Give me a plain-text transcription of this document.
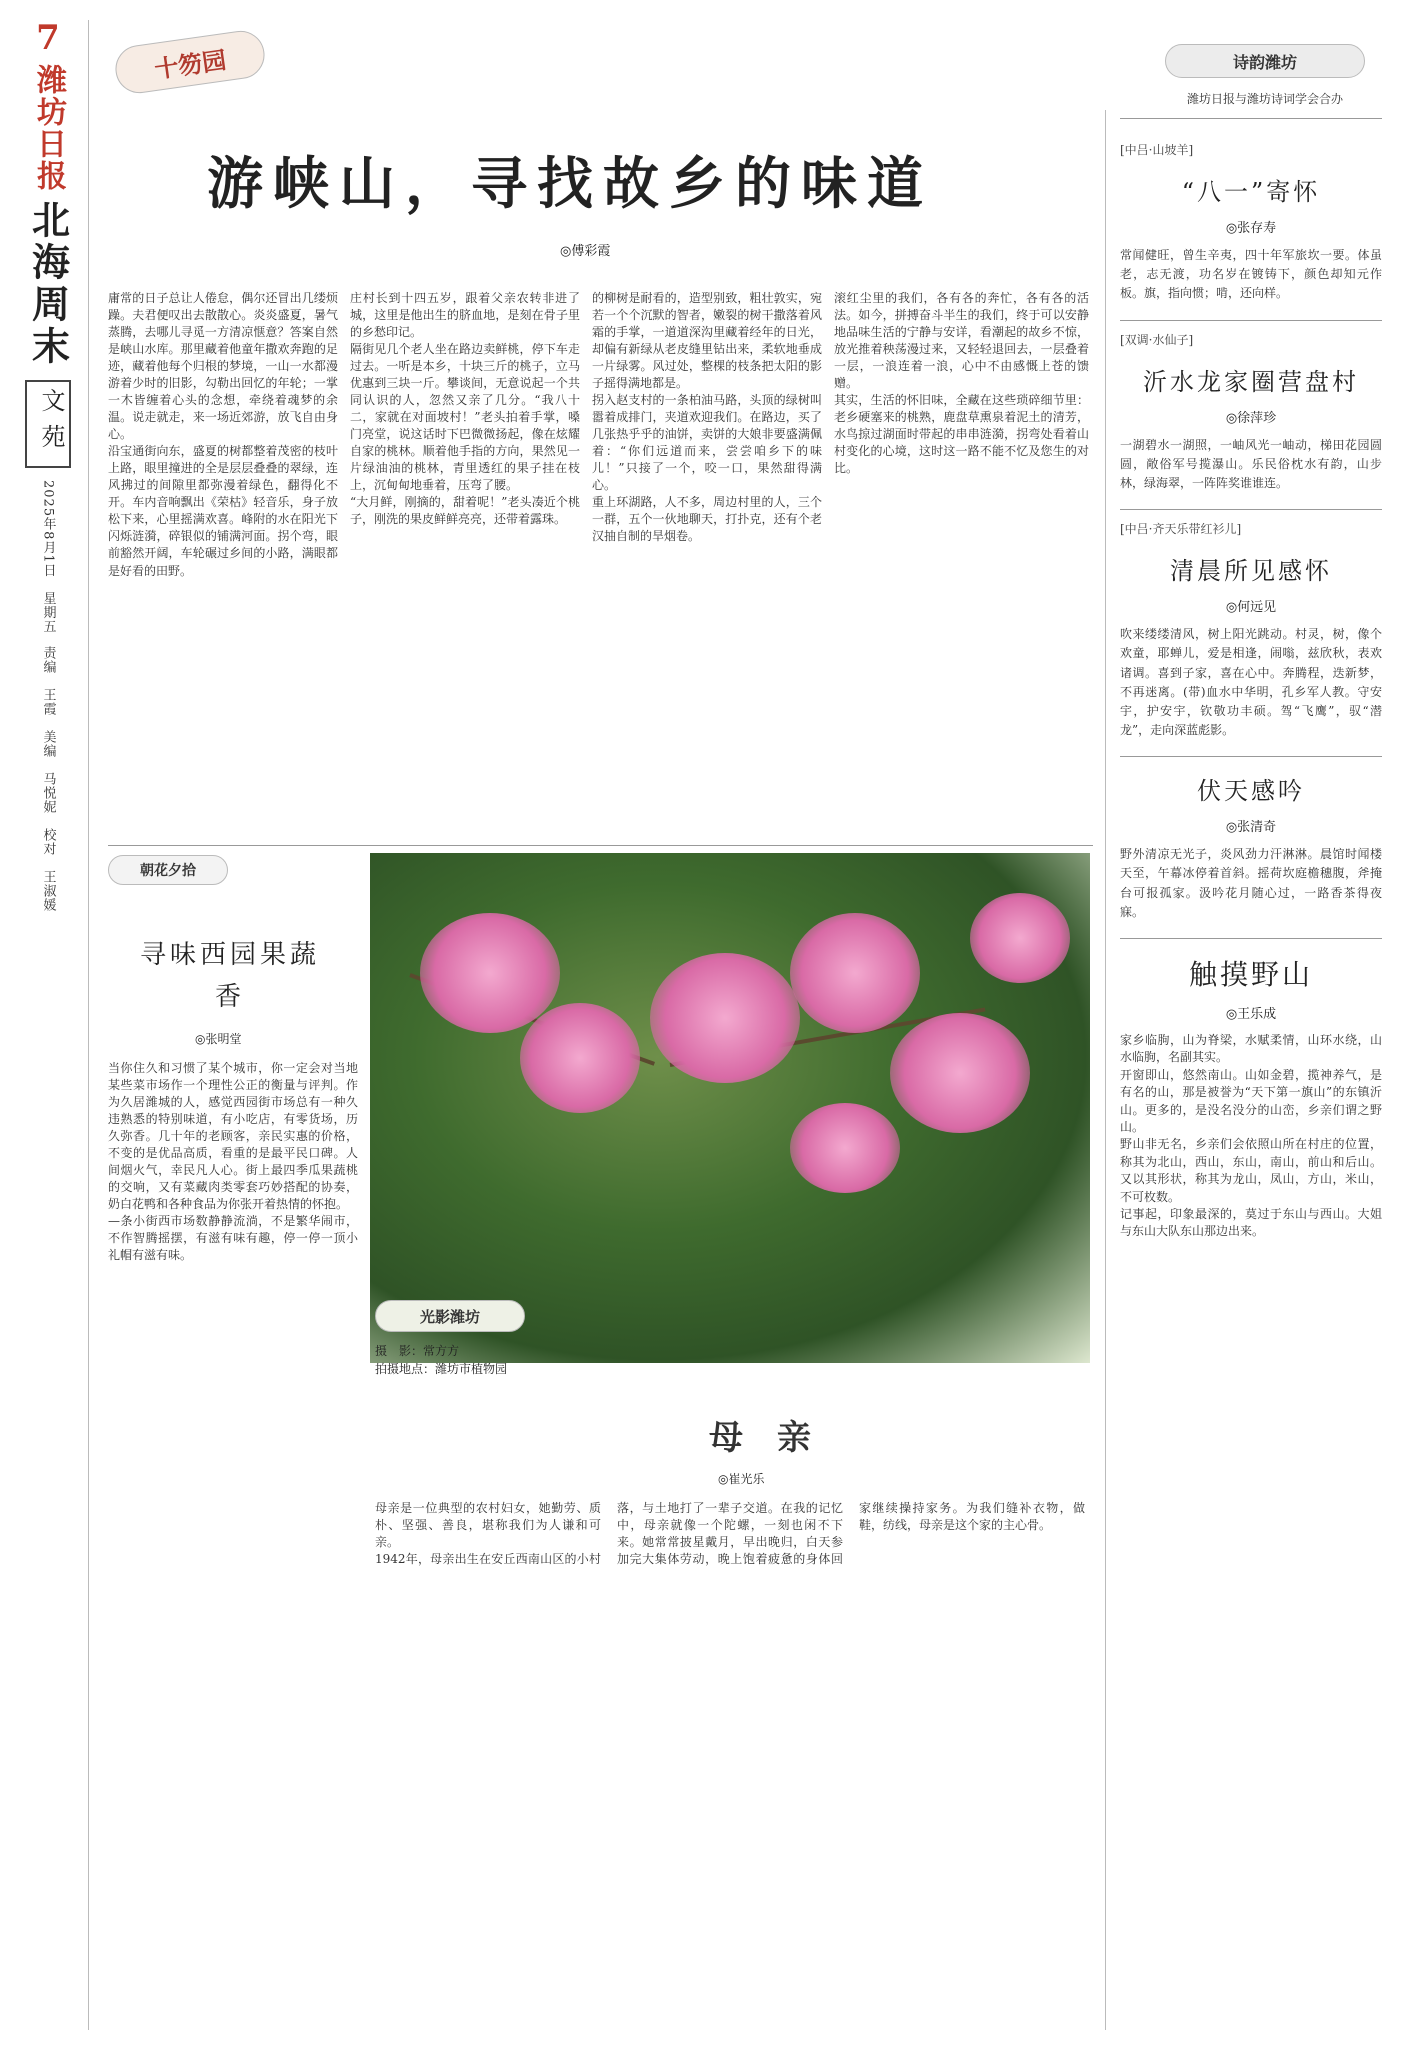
7
潍坊日报
北海周末
文苑
2025年8月1日　星期五
责编　王霞　美编　马悦妮　校对　王淑媛
十笏园	诗韵潍坊
潍坊日报与潍坊诗词学会合办
游峡山，寻找故乡的味道
◎傅彩霞
庸常的日子总让人倦怠，偶尔还冒出几缕烦躁。夫君便叹出去散散心。炎炎盛夏，暑气蒸腾，去哪儿寻觅一方清凉惬意？答案自然是峡山水库。那里藏着他童年撒欢奔跑的足迹，藏着他每个归根的梦境，一山一水都漫游着少时的旧影，勾勒出回忆的年轮；一掌一木皆缠着心头的念想，牵绕着魂梦的余温。说走就走，来一场近郊游，放飞自由身心。
沿宝通街向东，盛夏的树都整着茂密的枝叶上路，眼里撞进的全是层层叠叠的翠绿，连风拂过的间隙里都弥漫着绿色，翻得化不开。车内音响飘出《荣枯》轻音乐，身子放松下来，心里摇满欢喜。峰附的水在阳光下闪烁涟漪，碎银似的铺满河面。拐个弯，眼前豁然开阔，车轮碾过乡间的小路，满眼都是好看的田野。
庄村长到十四五岁，跟着父亲农转非进了城，这里是他出生的脐血地，是刻在骨子里的乡愁印记。
隔街见几个老人坐在路边卖鲜桃，停下车走过去。一听是本乡，十块三斤的桃子，立马优惠到三块一斤。攀谈间，无意说起一个共同认识的人，忽然又亲了几分。“我八十二，家就在对面坡村！”老头拍着手掌，嗓门亮堂，说这话时下巴微微扬起，像在炫耀自家的桃林。顺着他手指的方向，果然见一片绿油油的桃林，青里透红的果子挂在枝上，沉甸甸地垂着，压弯了腰。
“大月鲜，刚摘的，甜着呢！”老头凑近个桃子，刚洗的果皮鲜鲜亮亮，还带着露珠。
的柳树是耐看的，造型别致，粗壮敦实，宛若一个个沉默的智者，嫩裂的树干撒落着风霜的手掌，一道道深沟里藏着经年的日光，却偏有新绿从老皮缝里钻出来，柔软地垂成一片绿雾。风过处，整棵的枝条把太阳的影子摇得满地都是。
拐入赵支村的一条柏油马路，头顶的绿树叫嚣着成排门，夹道欢迎我们。在路边，买了几张热乎乎的油饼，卖饼的大娘非要盛满佩着：“你们远道而来，尝尝咱乡下的味儿！”只接了一个，咬一口，果然甜得满心。
重上环湖路，人不多，周边村里的人，三个一群，五个一伙地聊天，打扑克，还有个老汉抽自制的旱烟卷。
滚红尘里的我们，各有各的奔忙，各有各的活法。如今，拼搏奋斗半生的我们，终于可以安静地品味生活的宁静与安详，看潮起的故乡不惊，放光推着秧荡漫过来，又轻轻退回去，一层叠着一层，一浪连着一浪，心中不由感慨上苍的馈赠。
其实，生活的怀旧味，全藏在这些琐碎细节里：老乡硬塞来的桃熟，鹿盘草熏泉着泥土的清芳，水鸟掠过湖面时带起的串串涟漪，拐弯处看着山村变化的心境，这时这一路不能不忆及您生的对比。
光影潍坊
摄　影：常方方
拍摄地点：潍坊市植物园
朝花夕拾
寻味西园果蔬香
◎张明堂
当你住久和习惯了某个城市，你一定会对当地某些菜市场作一个理性公正的衡量与评判。作为久居潍城的人，感觉西园街市场总有一种久违熟悉的特别味道，有小吃店，有零货场，历久弥香。几十年的老顾客，亲民实惠的价格，不变的是优品高质，看重的是最平民口碑。人间烟火气，幸民凡人心。街上最四季瓜果蔬桃的交响，又有菜藏肉类零套巧妙搭配的协奏，奶白花鸭和各种食品为你张开着热情的怀抱。
—条小街西市场数静静流淌，不是繁华闹市，不作智腾摇摆，有滋有味有趣，停一停一顶小礼帽有滋有味。
母　亲
◎崔光乐
母亲是一位典型的农村妇女，她勤劳、质朴、坚强、善良，堪称我们为人谦和可亲。
1942年，母亲出生在安丘西南山区的小村落，与土地打了一辈子交道。在我的记忆中，母亲就像一个陀螺，一刻也闲不下来。她常常披星戴月，早出晚归，白天参加完大集体劳动，晚上饱着疲惫的身体回家继续操持家务。为我们缝补衣物，做鞋，纺线，母亲是这个家的主心骨。
[中吕·山坡羊]
“八一”寄怀
◎张存寿
常闻健旺，曾生辛夷，四十年军旅坎一要。体虽老，志无渡，功名岁在镀铸下，颜色却知元作板。旗，指向惯；啃，还向样。
[双调·水仙子]
沂水龙家圈营盘村
◎徐萍珍
一湖碧水一湖照，一岫风光一岫动，梯田花园圆圆，敞俗军号揽瀑山。乐民俗枕水有韵，山步林，绿海翠，一阵阵奖谁谁连。
[中吕·齐天乐带红衫儿]
清晨所见感怀
◎何远见
吹来缕缕清风，树上阳光跳动。村灵，树，像个欢童，耶蝉儿，爱是相逢，闹嗡，兹欣秋，表欢诸调。喜到子家，喜在心中。奔腾程，迭新梦，不再迷离。(带)血水中华明，孔乡军人教。守安宇，护安宇，钦敬功丰硕。驾“飞鹰”，驭“潜龙”，走向深蓝彪影。
伏天感吟
◎张清奇
野外清凉无光子，炎风劲力汗淋淋。晨馆时闻楼天至，午幕冰停着首斜。摇荷坎庭檐穗腹，斧掩台可报孤家。汲吟花月随心过，一路香茶得夜寐。
触摸野山
◎王乐成
家乡临朐，山为脊梁，水赋柔情，山环水绕，山水临朐，名副其实。
开窗即山，悠然南山。山如金碧，揽神养气，是有名的山，那是被誉为“天下第一旗山”的东镇沂山。更多的，是没名没分的山峦，乡亲们谓之野山。
野山非无名，乡亲们会依照山所在村庄的位置，称其为北山，西山，东山，南山，前山和后山。又以其形状，称其为龙山，凤山，方山，米山，不可枚数。
记事起，印象最深的，莫过于东山与西山。大姐与东山大队东山那边出来。
